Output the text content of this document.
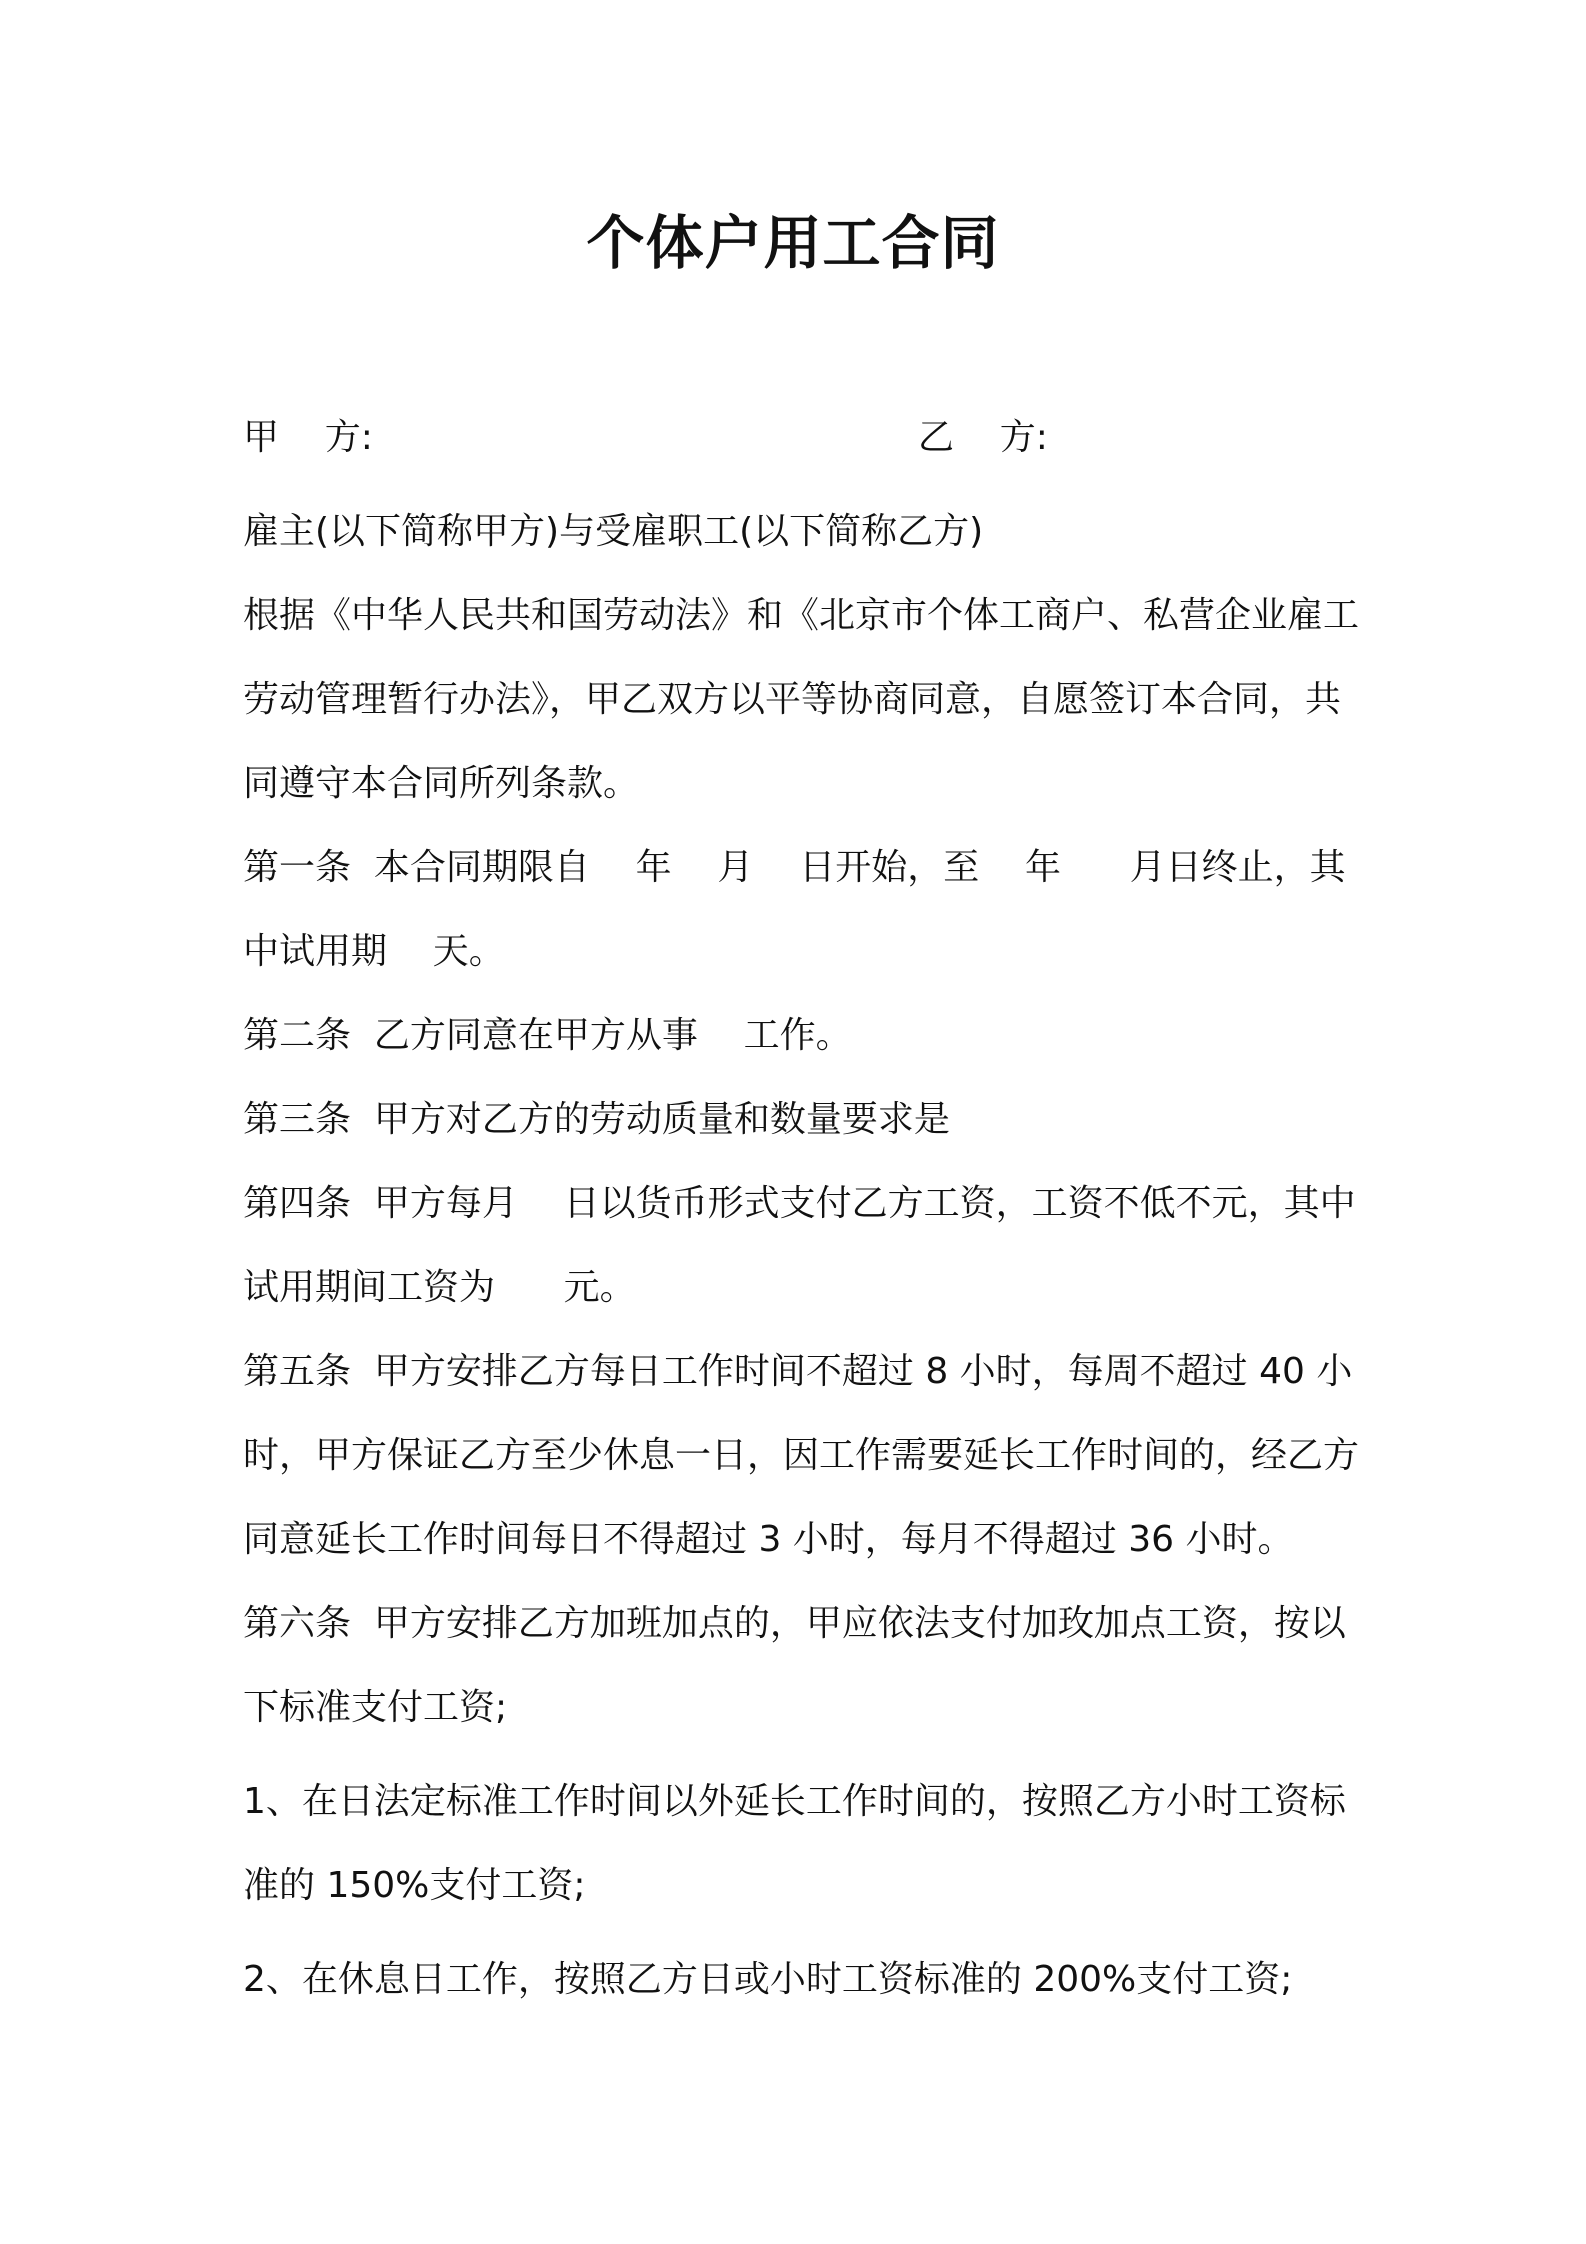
个体户用工合同
甲    方:	乙    方:

雇主(以下简称甲方)与受雇职工(以下简称乙方)

根据《中华人民共和国劳动法》和《北京市个体工商户、私营企业雇工劳动管理暂行办法》，甲乙双方以平等协商同意，自愿签订本合同，共同遵守本合同所列条款。

第一条  本合同期限自    年    月    日开始，至    年      月日终止，其中试用期    天。

第二条  乙方同意在甲方从事    工作。

第三条  甲方对乙方的劳动质量和数量要求是

第四条  甲方每月    日以货币形式支付乙方工资，工资不低不元，其中试用期间工资为      元。

第五条  甲方安排乙方每日工作时间不超过 8 小时，每周不超过 40 小时，甲方保证乙方至少休息一日，因工作需要延长工作时间的，经乙方同意延长工作时间每日不得超过 3 小时，每月不得超过 36 小时。

第六条  甲方安排乙方加班加点的，甲应依法支付加玫加点工资，按以下标准支付工资;

1、在日法定标准工作时间以外延长工作时间的，按照乙方小时工资标准的 150%支付工资;

2、在休息日工作，按照乙方日或小时工资标准的 200%支付工资;
